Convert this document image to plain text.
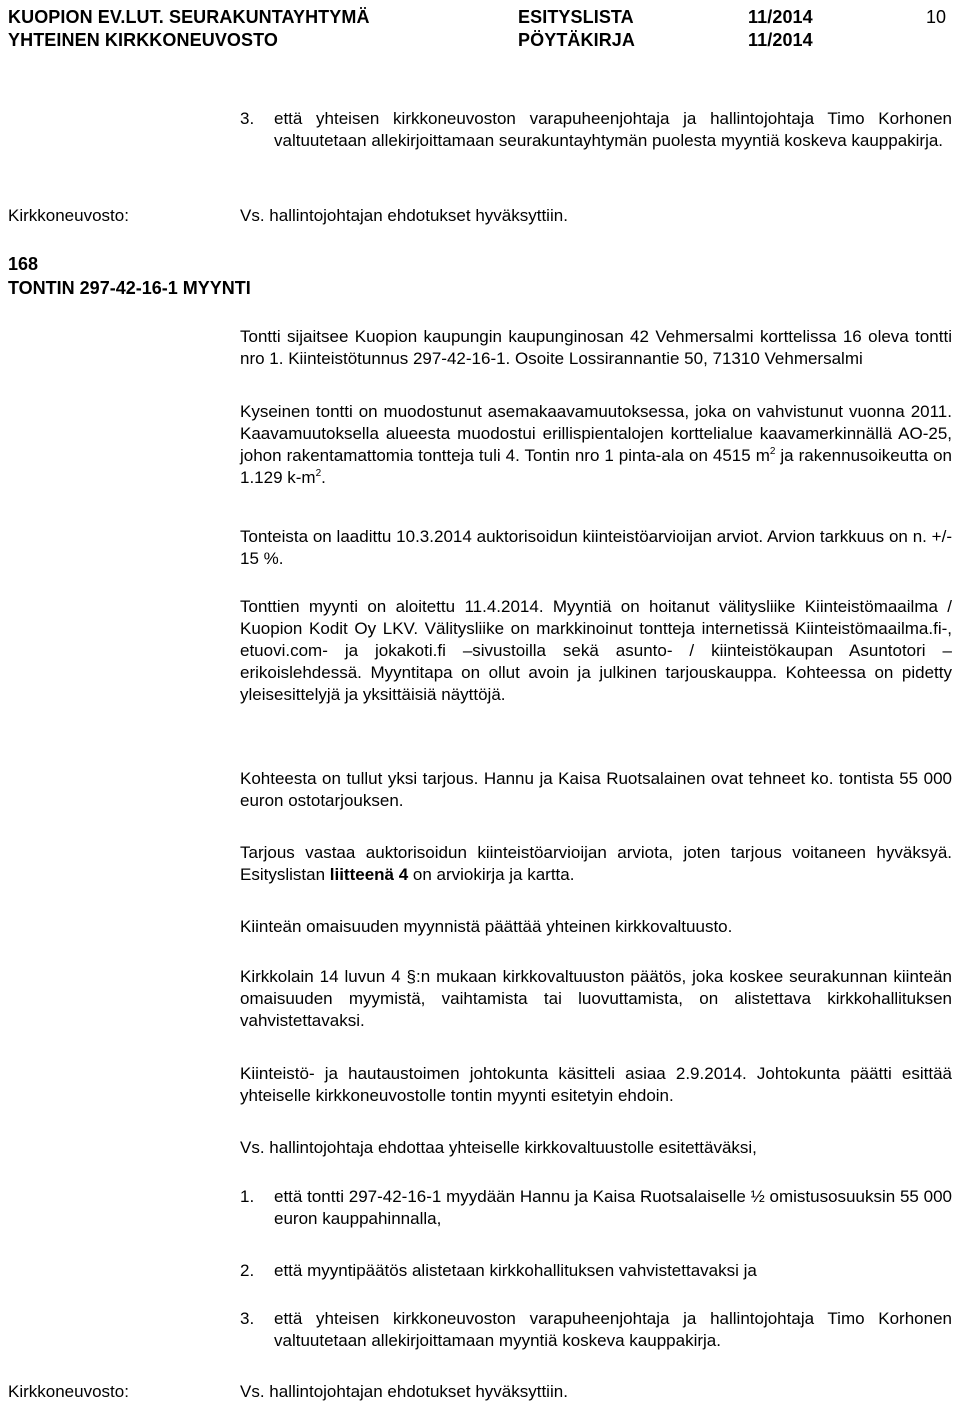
KUOPION EV.LUT. SEURAKUNTAYHTYMÄ
YHTEINEN KIRKKONEUVOSTO
ESITYSLISTA
PÖYTÄKIRJA
11/2014
11/2014
10
3.	että yhteisen kirkkoneuvoston varapuheenjohtaja ja hallintojohtaja Timo Korhonen valtuutetaan allekirjoittamaan seurakuntayhtymän puolesta myyntiä koskeva kauppakirja.
Kirkkoneuvosto:	Vs. hallintojohtajan ehdotukset hyväksyttiin.
168
TONTIN 297-42-16-1 MYYNTI
Tontti sijaitsee Kuopion kaupungin kaupunginosan 42 Vehmersalmi korttelissa 16 oleva tontti nro 1. Kiinteistötunnus 297-42-16-1. Osoite Lossirannantie 50, 71310 Vehmersalmi
Kyseinen tontti on muodostunut asemakaavamuutoksessa, joka on vahvistunut vuonna 2011. Kaavamuutoksella alueesta muodostui erillispientalojen korttelialue kaavamerkinnällä AO-25, johon rakentamattomia tontteja tuli 4. Tontin nro 1 pinta-ala on 4515 $m^2$ ja rakennusoikeutta on 1.129 $k-m^2$.
Tonteista on laadittu 10.3.2014 auktorisoidun kiinteistöarvioijan arviot. Arvion tarkkuus on n. +/- 15 %.
Tonttien myynti on aloitettu 11.4.2014. Myyntiä on hoitanut välitysliike Kiinteistömaailma / Kuopion Kodit Oy LKV. Välitysliike on markkinoinut tontteja internetissä Kiinteistömaailma.fi-, etuovi.com- ja jokakoti.fi –sivustoilla sekä asunto- / kiinteistökaupan Asuntotori –erikoislehdessä. Myyntitapa on ollut avoin ja julkinen tarjouskauppa. Kohteessa on pidetty yleisesittelyjä ja yksittäisiä näyttöjä.
Kohteesta on tullut yksi tarjous. Hannu ja Kaisa Ruotsalainen ovat tehneet ko. tontista 55 000 euron ostotarjouksen.
Tarjous vastaa auktorisoidun kiinteistöarvioijan arviota, joten tarjous voitaneen hyväksyä. Esityslistan liitteenä 4 on arviokirja ja kartta.
Kiinteän omaisuuden myynnistä päättää yhteinen kirkkovaltuusto.
Kirkkolain 14 luvun 4 §:n mukaan kirkkovaltuuston päätös, joka koskee seurakunnan kiinteän omaisuuden myymistä, vaihtamista tai luovuttamista, on alistettava kirkkohallituksen vahvistettavaksi.
Kiinteistö- ja hautaustoimen johtokunta käsitteli asiaa 2.9.2014. Johtokunta päätti esittää yhteiselle kirkkoneuvostolle tontin myynti esitetyin ehdoin.
Vs. hallintojohtaja ehdottaa yhteiselle kirkkovaltuustolle esitettäväksi,
1.	että tontti 297-42-16-1 myydään Hannu ja Kaisa Ruotsalaiselle ½ omistusosuuksin 55 000 euron kauppahinnalla,
2.	että myyntipäätös alistetaan kirkkohallituksen vahvistettavaksi ja
3.	että yhteisen kirkkoneuvoston varapuheenjohtaja ja hallintojohtaja Timo Korhonen valtuutetaan allekirjoittamaan myyntiä koskeva kauppakirja.
Kirkkoneuvosto:	Vs. hallintojohtajan ehdotukset hyväksyttiin.
